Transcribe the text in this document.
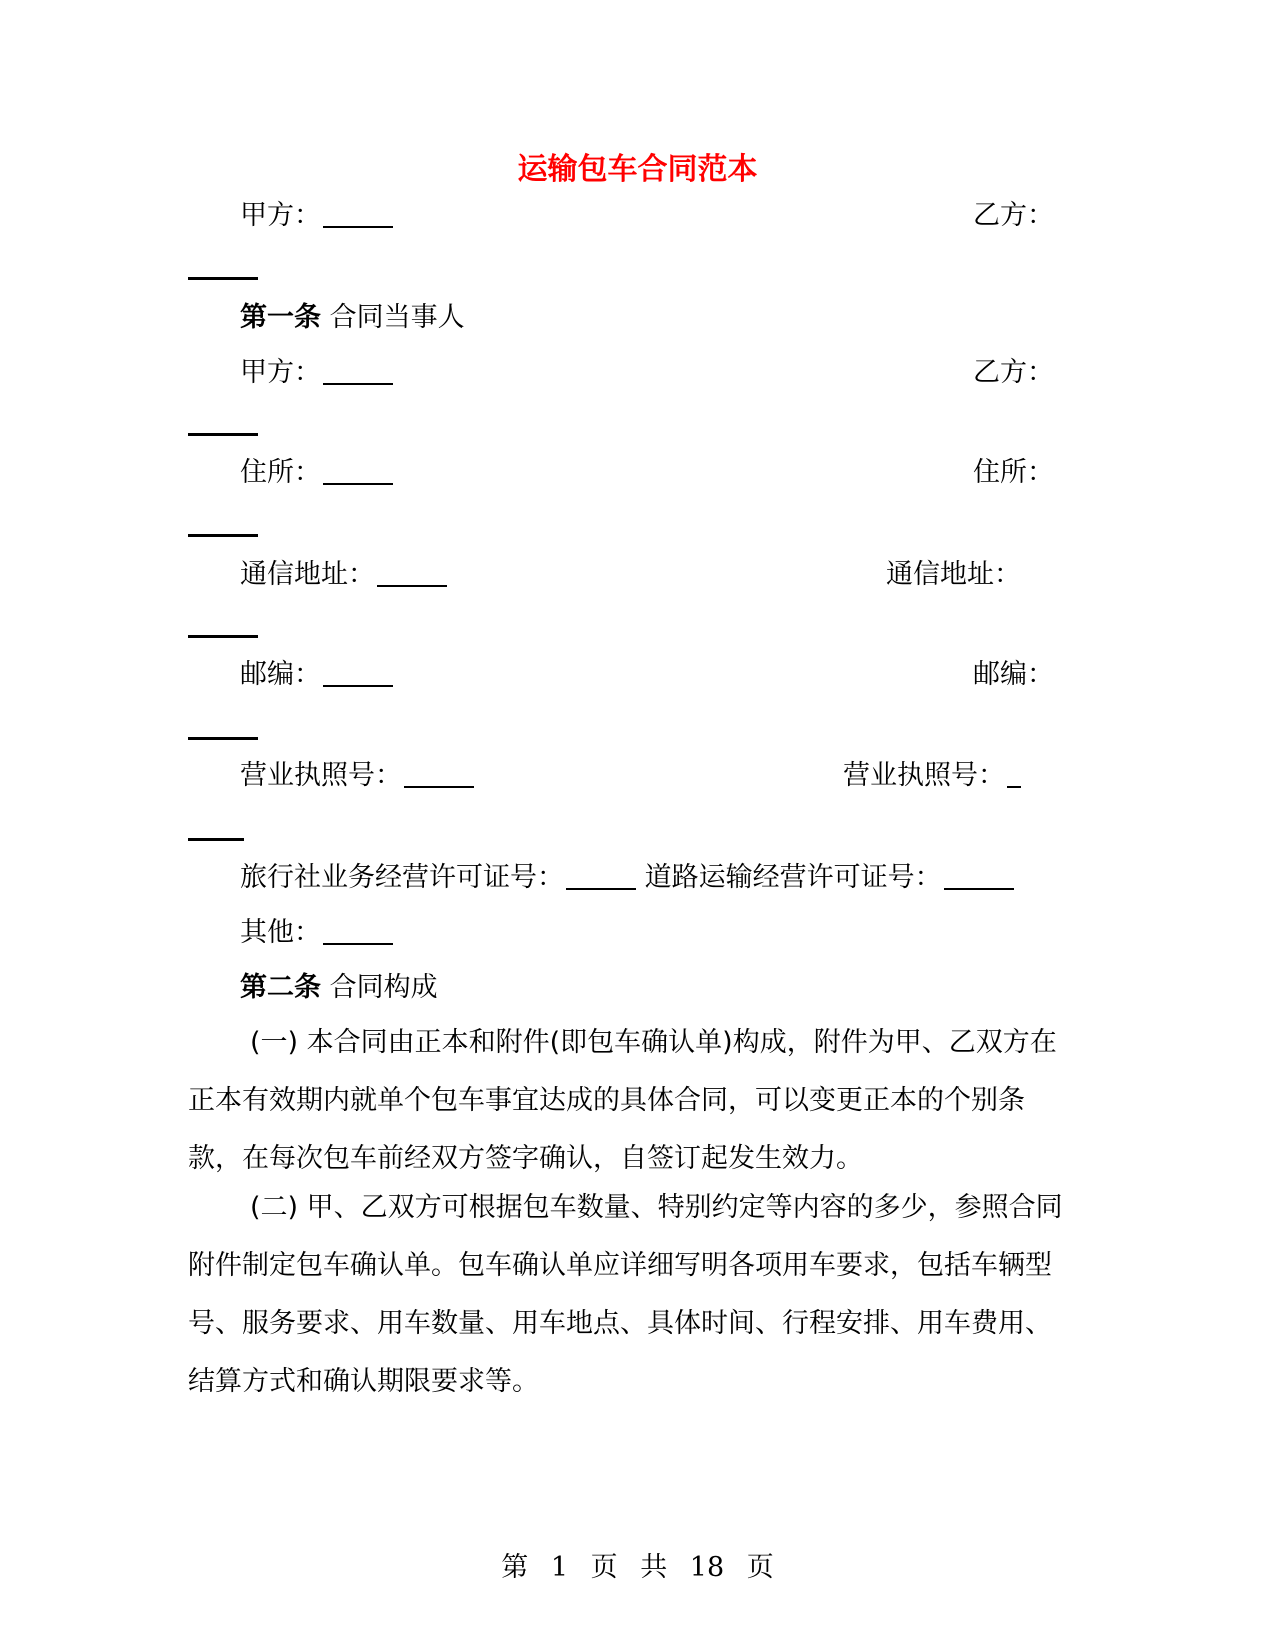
运输包车合同范本
甲方：	乙方：
第一条 合同当事人
甲方：	乙方：
住所：	住所：
通信地址：	通信地址：
邮编：	邮编：
营业执照号：	营业执照号：
旅行社业务经营许可证号：	道路运输经营许可证号：
其他：
第二条 合同构成

(一) 本合同由正本和附件(即包车确认单)构成，附件为甲、乙双方在正本有效期内就单个包车事宜达成的具体合同，可以变更正本的个别条款，在每次包车前经双方签字确认，自签订起发生效力。

(二) 甲、乙双方可根据包车数量、特别约定等内容的多少，参照合同附件制定包车确认单。包车确认单应详细写明各项用车要求，包括车辆型号、服务要求、用车数量、用车地点、具体时间、行程安排、用车费用、结算方式和确认期限要求等。

第 1 页 共 18 页
